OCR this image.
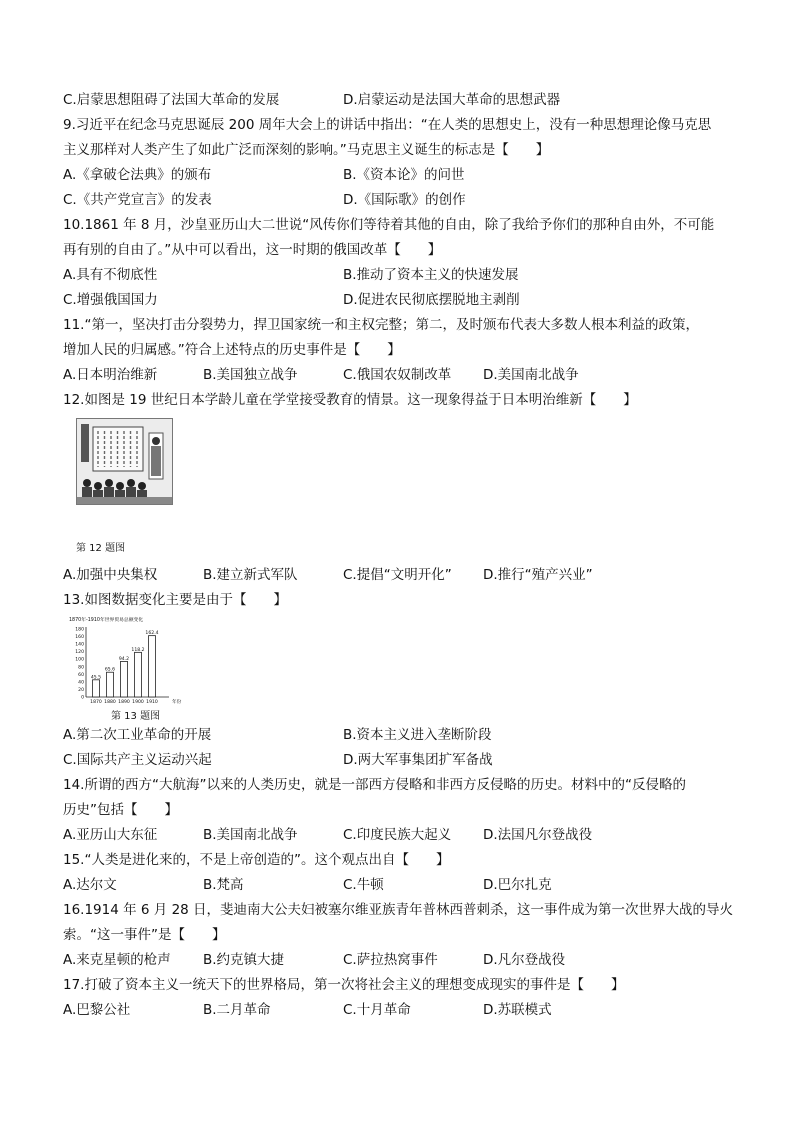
C.启蒙思想阻碍了法国大革命的发展	D.启蒙运动是法国大革命的思想武器
9.习近平在纪念马克思诞辰 200 周年大会上的讲话中指出：“在人类的思想史上，没有一种思想理论像马克思
主义那样对人类产生了如此广泛而深刻的影响。”马克思主义诞生的标志是【　　】
A.《拿破仑法典》的颁布	B.《资本论》的问世
C.《共产党宣言》的发表	D.《国际歌》的创作
10.1861 年 8 月，沙皇亚历山大二世说“风传你们等待着其他的自由，除了我给予你们的那种自由外，不可能
再有别的自由了。”从中可以看出，这一时期的俄国改革【　　】
A.具有不彻底性	B.推动了资本主义的快速发展
C.增强俄国国力	D.促进农民彻底摆脱地主剥削
11.“第一，坚决打击分裂势力，捍卫国家统一和主权完整；第二，及时颁布代表大多数人根本利益的政策，
增加人民的归属感。”符合上述特点的历史事件是【　　】
A.日本明治维新	B.美国独立战争	C.俄国农奴制改革	D.美国南北战争
12.如图是 19 世纪日本学龄儿童在学堂接受教育的情景。这一现象得益于日本明治维新【　　】
第 12 题图
A.加强中央集权	B.建立新式军队	C.提倡“文明开化”	D.推行“殖产兴业”
13.如图数据变化主要是由于【　　】
1870年-1910年世界贸易总额变化
0
20
40
60
80
100
120
140
160
180
45.5
1870
65.6
1880
94.2
1890
118.2
1900
162.4
1910	年份
第 13 题图
A.第二次工业革命的开展	B.资本主义进入垄断阶段
C.国际共产主义运动兴起	D.两大军事集团扩军备战
14.所谓的西方“大航海”以来的人类历史，就是一部西方侵略和非西方反侵略的历史。材料中的“反侵略的
历史”包括【　　】
A.亚历山大东征	B.美国南北战争	C.印度民族大起义	D.法国凡尔登战役
15.“人类是进化来的，不是上帝创造的”。这个观点出自【　　】
A.达尔文	B.梵高	C.牛顿	D.巴尔扎克
16.1914 年 6 月 28 日，斐迪南大公夫妇被塞尔维亚族青年普林西普刺杀，这一事件成为第一次世界大战的导火
索。“这一事件”是【　　】
A.来克星顿的枪声	B.约克镇大捷	C.萨拉热窝事件	D.凡尔登战役
17.打破了资本主义一统天下的世界格局，第一次将社会主义的理想变成现实的事件是【　　】
A.巴黎公社	B.二月革命	C.十月革命	D.苏联模式
